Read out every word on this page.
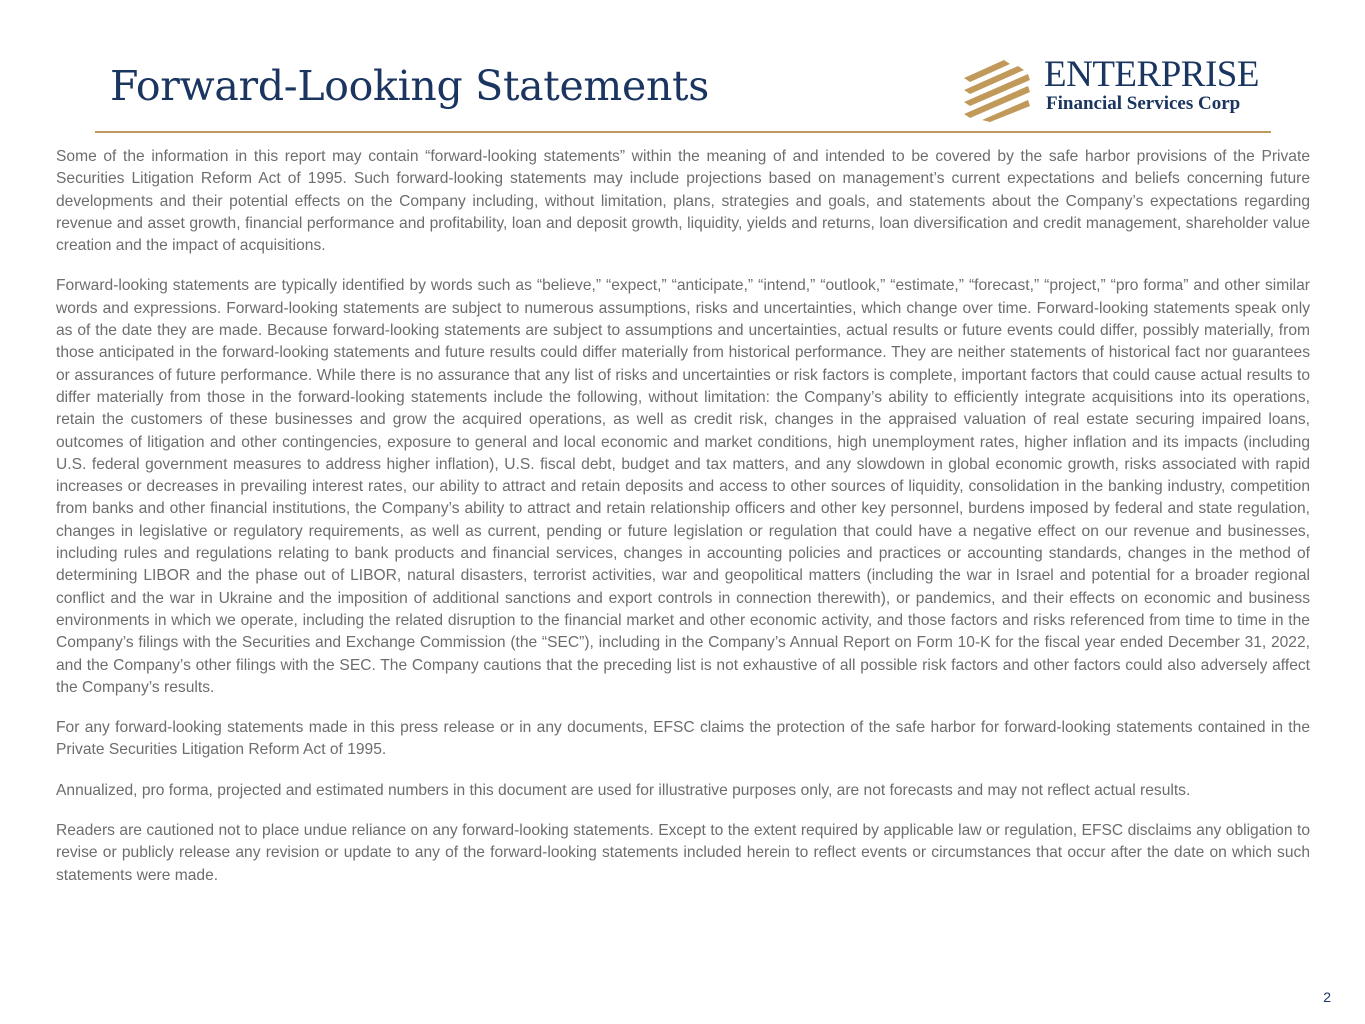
Forward-Looking Statements	ENTERPRISE
Financial Services Corp

Some of the information in this report may contain “forward-looking statements” within the meaning of and intended to be covered by the safe harbor provisions of the Private Securities Litigation Reform Act of 1995. Such forward-looking statements may include projections based on management’s current expectations and beliefs concerning future developments and their potential effects on the Company including, without limitation, plans, strategies and goals, and statements about the Company’s expectations regarding revenue and asset growth, financial performance and profitability, loan and deposit growth, liquidity, yields and returns, loan diversification and credit management, shareholder value creation and the impact of acquisitions.

Forward-looking statements are typically identified by words such as “believe,” “expect,” “anticipate,” “intend,” “outlook,” “estimate,” “forecast,” “project,” “pro forma” and other similar words and expressions. Forward-looking statements are subject to numerous assumptions, risks and uncertainties, which change over time. Forward-looking statements speak only as of the date they are made. Because forward-looking statements are subject to assumptions and uncertainties, actual results or future events could differ, possibly materially, from those anticipated in the forward-looking statements and future results could differ materially from historical performance. They are neither statements of historical fact nor guarantees or assurances of future performance. While there is no assurance that any list of risks and uncertainties or risk factors is complete, important factors that could cause actual results to differ materially from those in the forward-looking statements include the following, without limitation: the Company’s ability to efficiently integrate acquisitions into its operations, retain the customers of these businesses and grow the acquired operations, as well as credit risk, changes in the appraised valuation of real estate securing impaired loans, outcomes of litigation and other contingencies, exposure to general and local economic and market conditions, high unemployment rates, higher inflation and its impacts (including U.S. federal government measures to address higher inflation), U.S. fiscal debt, budget and tax matters, and any slowdown in global economic growth, risks associated with rapid increases or decreases in prevailing interest rates, our ability to attract and retain deposits and access to other sources of liquidity, consolidation in the banking industry, competition from banks and other financial institutions, the Company’s ability to attract and retain relationship officers and other key personnel, burdens imposed by federal and state regulation, changes in legislative or regulatory requirements, as well as current, pending or future legislation or regulation that could have a negative effect on our revenue and businesses, including rules and regulations relating to bank products and financial services, changes in accounting policies and practices or accounting standards, changes in the method of determining LIBOR and the phase out of LIBOR, natural disasters, terrorist activities, war and geopolitical matters (including the war in Israel and potential for a broader regional conflict and the war in Ukraine and the imposition of additional sanctions and export controls in connection therewith), or pandemics, and their effects on economic and business environments in which we operate, including the related disruption to the financial market and other economic activity, and those factors and risks referenced from time to time in the Company’s filings with the Securities and Exchange Commission (the “SEC”), including in the Company’s Annual Report on Form 10-K for the fiscal year ended December 31, 2022, and the Company’s other filings with the SEC. The Company cautions that the preceding list is not exhaustive of all possible risk factors and other factors could also adversely affect the Company’s results.

For any forward-looking statements made in this press release or in any documents, EFSC claims the protection of the safe harbor for forward-looking statements contained in the Private Securities Litigation Reform Act of 1995.

Annualized, pro forma, projected and estimated numbers in this document are used for illustrative purposes only, are not forecasts and may not reflect actual results.

Readers are cautioned not to place undue reliance on any forward-looking statements. Except to the extent required by applicable law or regulation, EFSC disclaims any obligation to revise or publicly release any revision or update to any of the forward-looking statements included herein to reflect events or circumstances that occur after the date on which such statements were made.

2
